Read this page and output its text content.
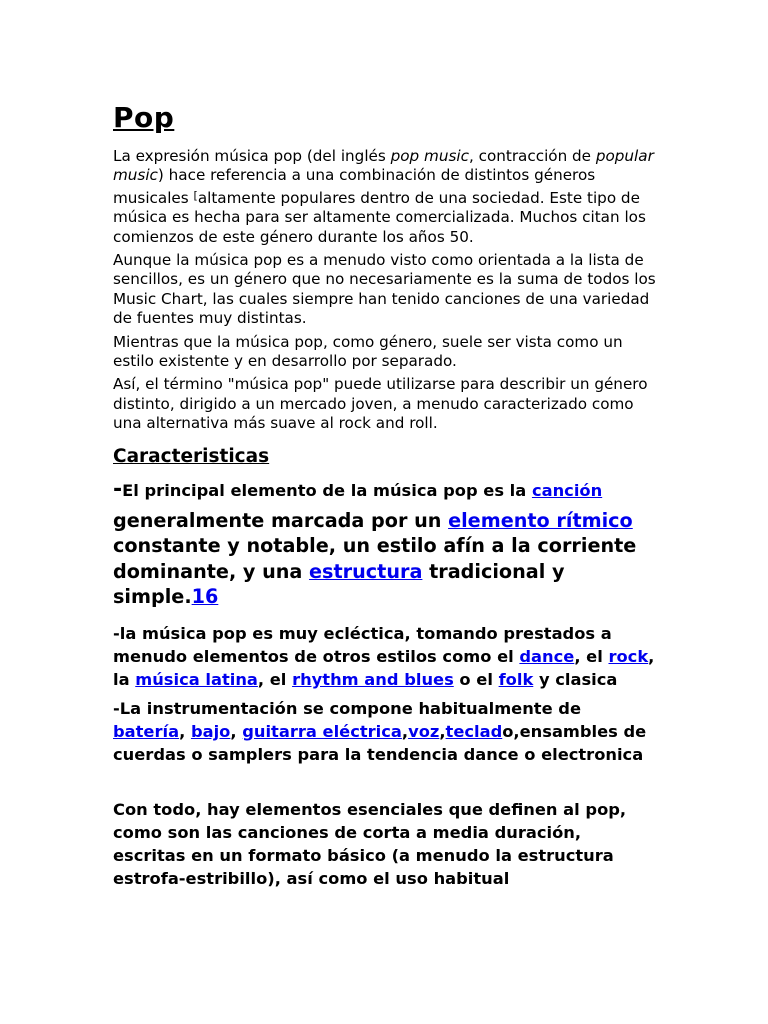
Pop

La expresión música pop (del inglés pop music, contracción de popular music) hace referencia a una combinación de distintos géneros musicales [altamente populares dentro de una sociedad. Este tipo de música es hecha para ser altamente comercializada. Muchos citan los comienzos de este género durante los años 50.

Aunque la música pop es a menudo visto como orientada a la lista de sencillos, es un género que no necesariamente es la suma de todos los Music Chart, las cuales siempre han tenido canciones de una variedad de fuentes muy distintas.

Mientras que la música pop, como género, suele ser vista como un estilo existente y en desarrollo por separado.

Así, el término "música pop" puede utilizarse para describir un género distinto, dirigido a un mercado joven, a menudo caracterizado como una alternativa más suave al rock and roll.

Caracteristicas
-El principal elemento de la música pop es la canción
generalmente marcada por un elemento rítmico constante y notable, un estilo afín a la corriente dominante, y una estructura tradicional y simple.16

-la música pop es muy ecléctica, tomando prestados a menudo elementos de otros estilos como el dance, el rock, la música latina, el rhythm and blues o el folk y clasica

-La instrumentación se compone habitualmente de batería, bajo, guitarra eléctrica,voz,teclado,ensambles de cuerdas o samplers para la tendencia dance o electronica

Con todo, hay elementos esenciales que definen al pop, como son las canciones de corta a media duración, escritas en un formato básico (a menudo la estructura estrofa-estribillo), así como el uso habitual
